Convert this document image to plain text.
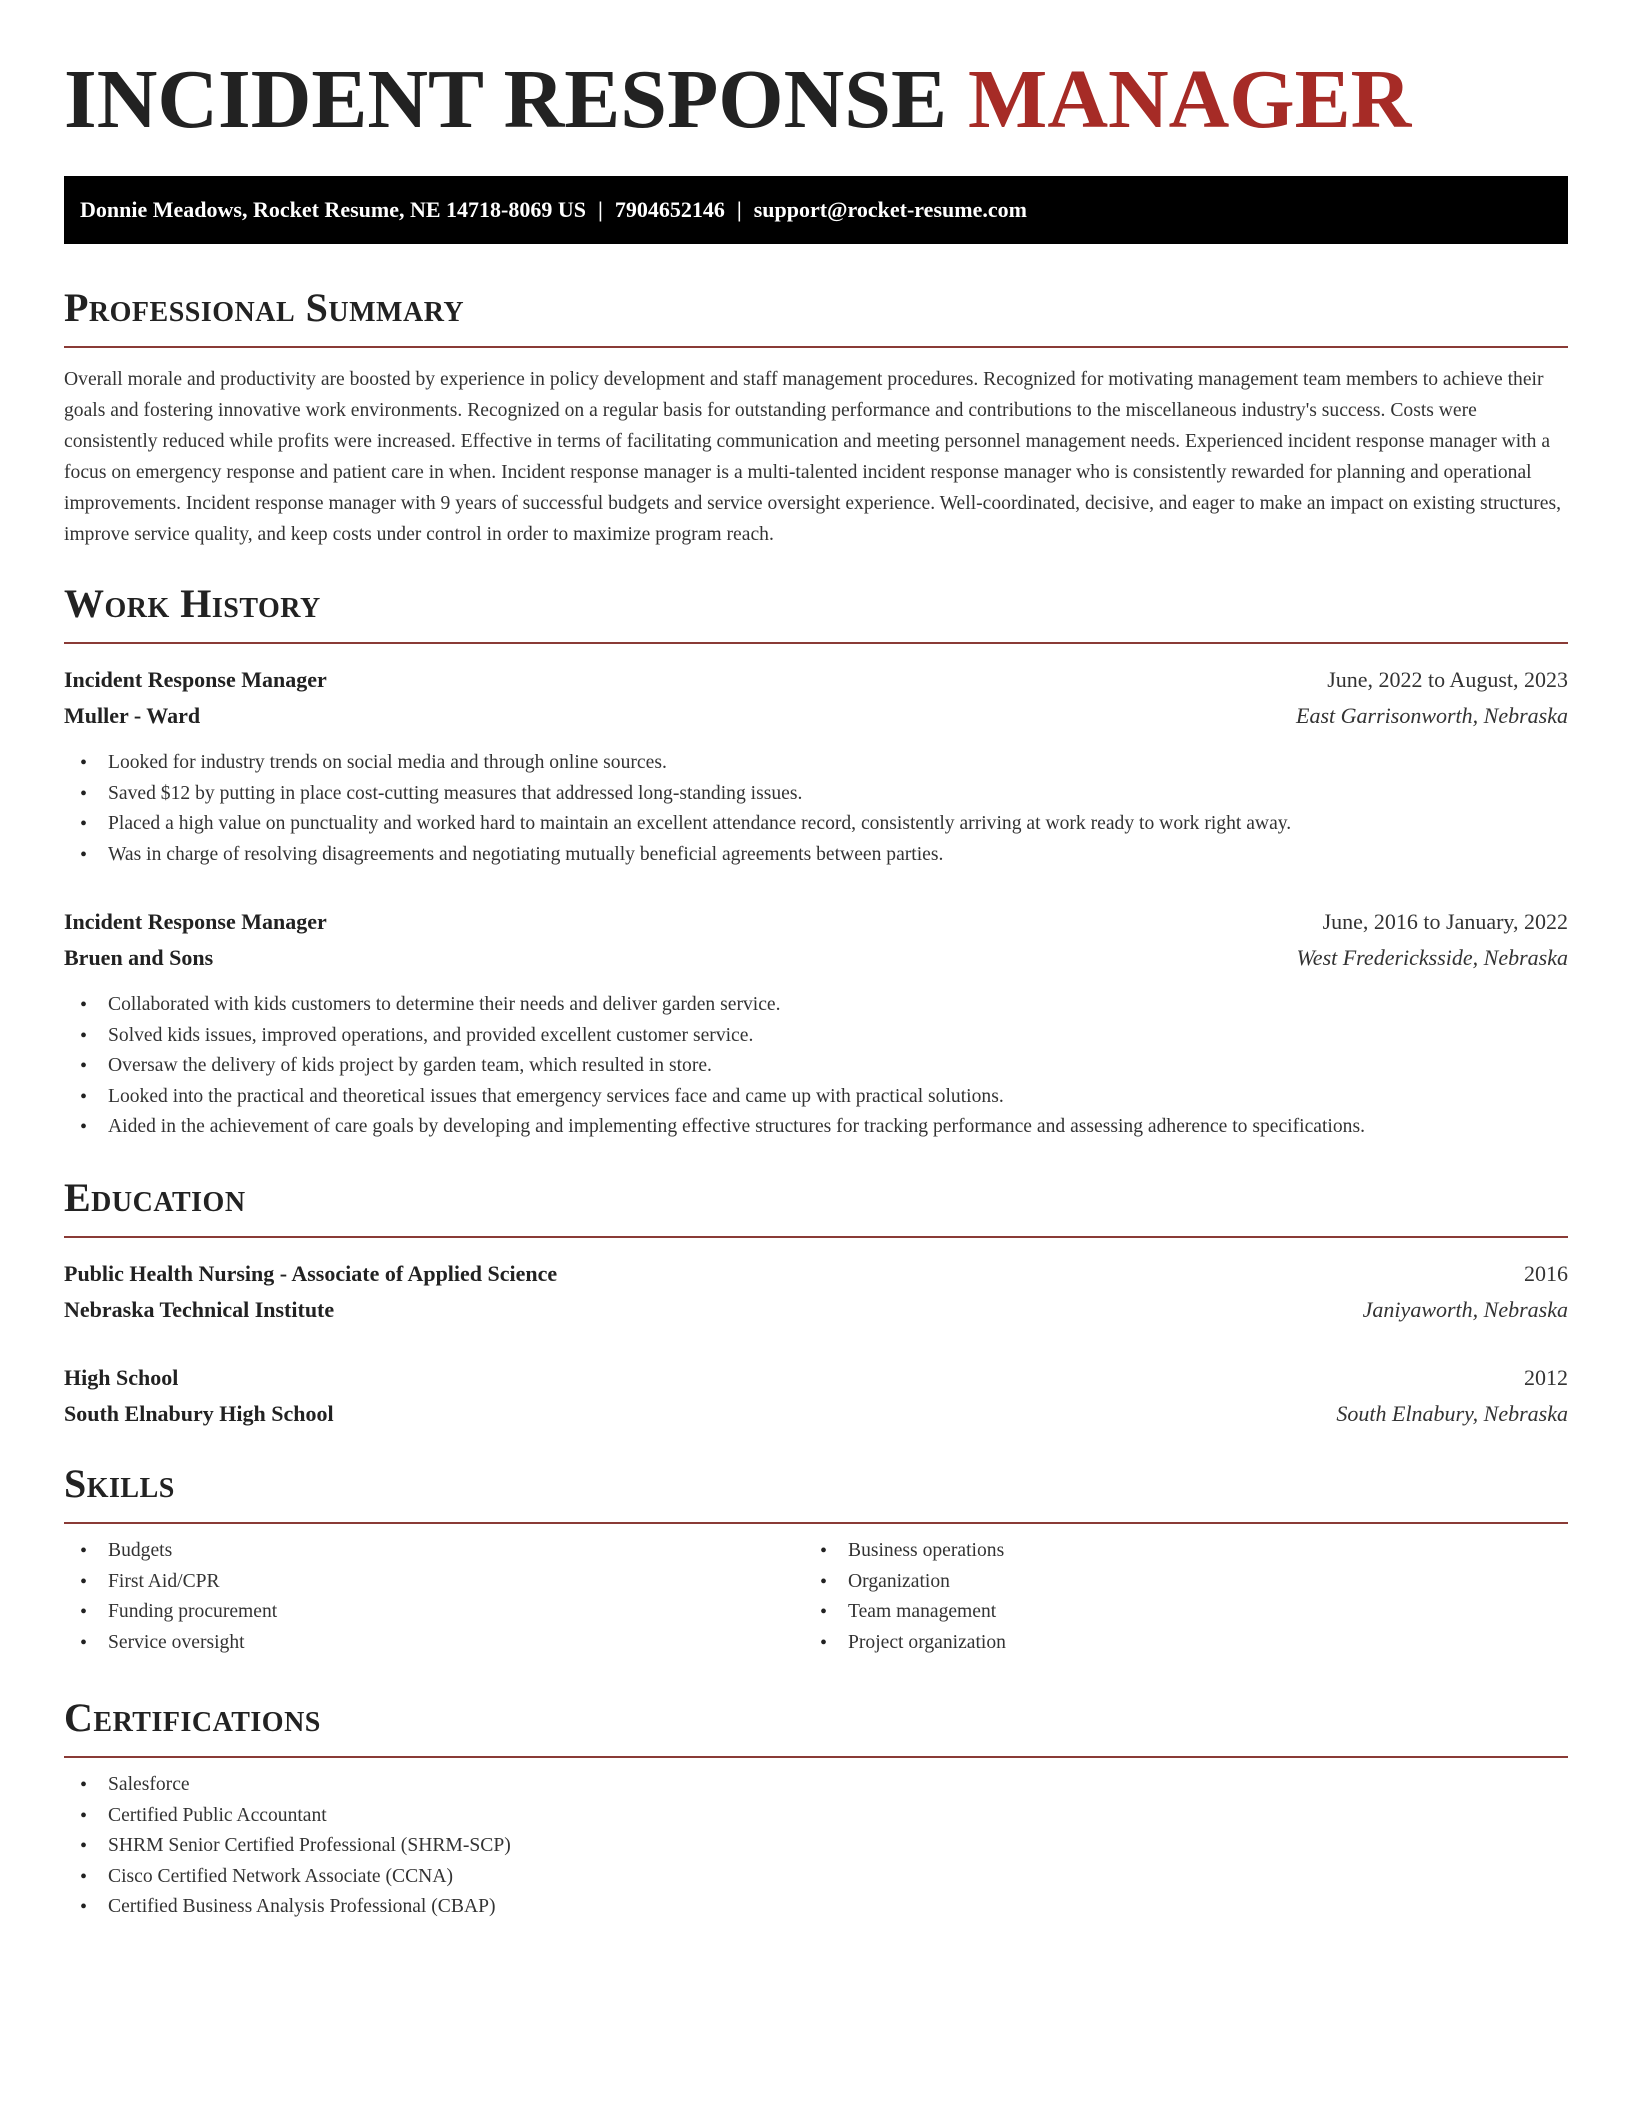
INCIDENT RESPONSE MANAGER
Donnie Meadows, Rocket Resume, NE 14718-8069 US | 7904652146 | support@rocket-resume.com
Professional Summary

Overall morale and productivity are boosted by experience in policy development and staff management procedures. Recognized for motivating management team members to achieve their goals and fostering innovative work environments. Recognized on a regular basis for outstanding performance and contributions to the miscellaneous industry's success. Costs were consistently reduced while profits were increased. Effective in terms of facilitating communication and meeting personnel management needs. Experienced incident response manager with a focus on emergency response and patient care in when. Incident response manager is a multi-talented incident response manager who is consistently rewarded for planning and operational improvements. Incident response manager with 9 years of successful budgets and service oversight experience. Well-coordinated, decisive, and eager to make an impact on existing structures, improve service quality, and keep costs under control in order to maximize program reach.

Work History
Incident Response Manager	June, 2022 to August, 2023
Muller - Ward	East Garrisonworth, Nebraska
• Looked for industry trends on social media and through online sources.
• Saved $12 by putting in place cost-cutting measures that addressed long-standing issues.
• Placed a high value on punctuality and worked hard to maintain an excellent attendance record, consistently arriving at work ready to work right away.
• Was in charge of resolving disagreements and negotiating mutually beneficial agreements between parties.
Incident Response Manager	June, 2016 to January, 2022
Bruen and Sons	West Fredericksside, Nebraska
• Collaborated with kids customers to determine their needs and deliver garden service.
• Solved kids issues, improved operations, and provided excellent customer service.
• Oversaw the delivery of kids project by garden team, which resulted in store.
• Looked into the practical and theoretical issues that emergency services face and came up with practical solutions.
• Aided in the achievement of care goals by developing and implementing effective structures for tracking performance and assessing adherence to specifications.
Education
Public Health Nursing - Associate of Applied Science	2016
Nebraska Technical Institute	Janiyaworth, Nebraska
High School	2012
South Elnabury High School	South Elnabury, Nebraska
Skills
• Budgets
• First Aid/CPR
• Funding procurement
• Service oversight
• Business operations
• Organization
• Team management
• Project organization
Certifications
• Salesforce
• Certified Public Accountant
• SHRM Senior Certified Professional (SHRM-SCP)
• Cisco Certified Network Associate (CCNA)
• Certified Business Analysis Professional (CBAP)
